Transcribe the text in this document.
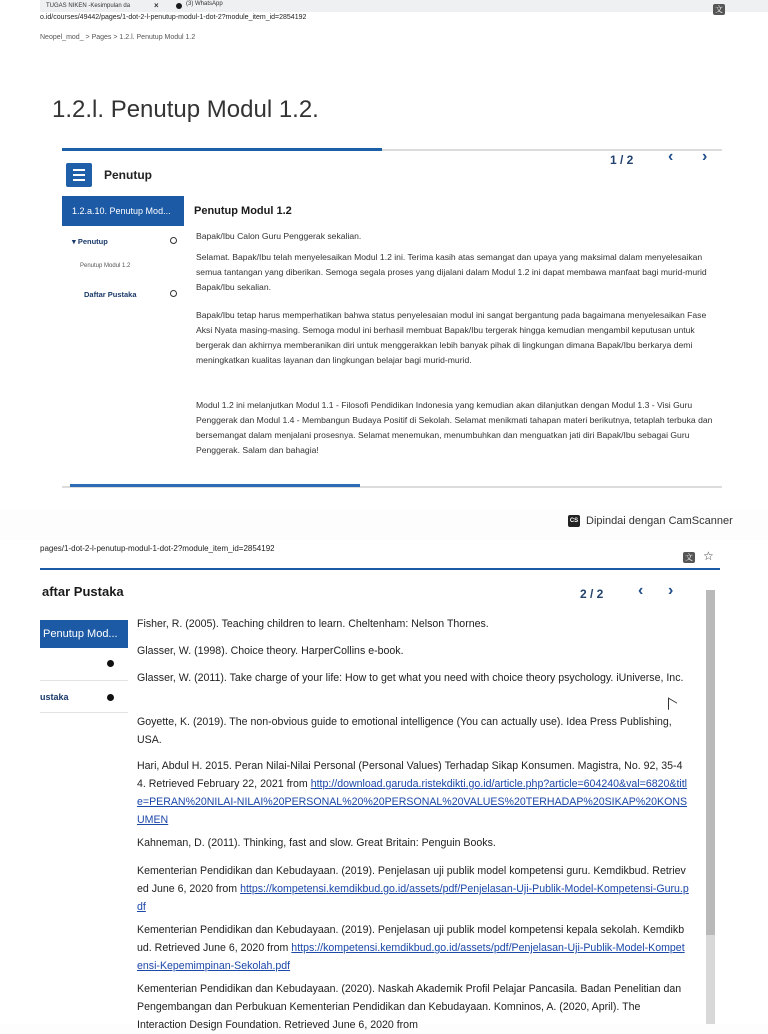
TUGAS NIKEN -Kesimpulan da	×	(3) WhatsApp
o.id/courses/49442/pages/1-dot-2-l-penutup-modul-1-dot-2?module_item_id=2854192
文A
Neopel_mod_ > Pages > 1.2.l. Penutup Modul 1.2
1.2.l. Penutup Modul 1.2.
Penutup
1 / 2 ‹ ›
1.2.a.10. Penutup Mod...
▾ Penutup
Penutup Modul 1.2
Daftar Pustaka
Penutup Modul 1.2
Bapak/Ibu Calon Guru Penggerak sekalian.
Selamat. Bapak/Ibu telah menyelesaikan Modul 1.2 ini. Terima kasih atas semangat dan upaya yang maksimal dalam menyelesaikan semua tantangan yang diberikan. Semoga segala proses yang dijalani dalam Modul 1.2 ini dapat membawa manfaat bagi murid-murid Bapak/Ibu sekalian.
Bapak/Ibu tetap harus memperhatikan bahwa status penyelesaian modul ini sangat bergantung pada bagaimana menyelesaikan Fase Aksi Nyata masing-masing. Semoga modul ini berhasil membuat Bapak/Ibu tergerak hingga kemudian mengambil keputusan untuk bergerak dan akhirnya memberanikan diri untuk menggerakkan lebih banyak pihak di lingkungan dimana Bapak/Ibu berkarya demi meningkatkan kualitas layanan dan lingkungan belajar bagi murid-murid.
Modul 1.2 ini melanjutkan Modul 1.1 - Filosofi Pendidikan Indonesia yang kemudian akan dilanjutkan dengan Modul 1.3 - Visi Guru Penggerak dan Modul 1.4 - Membangun Budaya Positif di Sekolah. Selamat menikmati tahapan materi berikutnya, tetaplah terbuka dan bersemangat dalam menjalani prosesnya. Selamat menemukan, menumbuhkan dan menguatkan jati diri Bapak/Ibu sebagai Guru Penggerak. Salam dan bahagia!
CS Dipindai dengan CamScanner
pages/1-dot-2-l-penutup-modul-1-dot-2?module_item_id=2854192
文 ☆
aftar Pustaka	2 / 2 ‹ ›
Penutup Mod...
ustaka
Fisher, R. (2005). Teaching children to learn. Cheltenham: Nelson Thornes.
Glasser, W. (1998). Choice theory. HarperCollins e-book.
Glasser, W. (2011). Take charge of your life: How to get what you need with choice theory psychology. iUniverse, Inc.
Goyette, K. (2019). The non-obvious guide to emotional intelligence (You can actually use). Idea Press Publishing, USA.
Hari, Abdul H. 2015. Peran Nilai-Nilai Personal (Personal Values) Terhadap Sikap Konsumen. Magistra, No. 92, 35-44. Retrieved February 22, 2021 from http://download.garuda.ristekdikti.go.id/article.php?article=604240&val=6820&title=PERAN%20NILAI-NILAI%20PERSONAL%20%20PERSONAL%20VALUES%20TERHADAP%20SIKAP%20KONSUMEN
Kahneman, D. (2011). Thinking, fast and slow. Great Britain: Penguin Books.
Kementerian Pendidikan dan Kebudayaan. (2019). Penjelasan uji publik model kompetensi guru. Kemdikbud. Retrieved June 6, 2020 from https://kompetensi.kemdikbud.go.id/assets/pdf/Penjelasan-Uji-Publik-Model-Kompetensi-Guru.pdf
Kementerian Pendidikan dan Kebudayaan. (2019). Penjelasan uji publik model kompetensi kepala sekolah. Kemdikbud. Retrieved June 6, 2020 from https://kompetensi.kemdikbud.go.id/assets/pdf/Penjelasan-Uji-Publik-Model-Kompetensi-Kepemimpinan-Sekolah.pdf
Kementerian Pendidikan dan Kebudayaan. (2020). Naskah Akademik Profil Pelajar Pancasila. Badan Penelitian dan Pengembangan dan Perbukuan Kementerian Pendidikan dan Kebudayaan. Komninos, A. (2020, April). The Interaction Design Foundation. Retrieved June 6, 2020 from
